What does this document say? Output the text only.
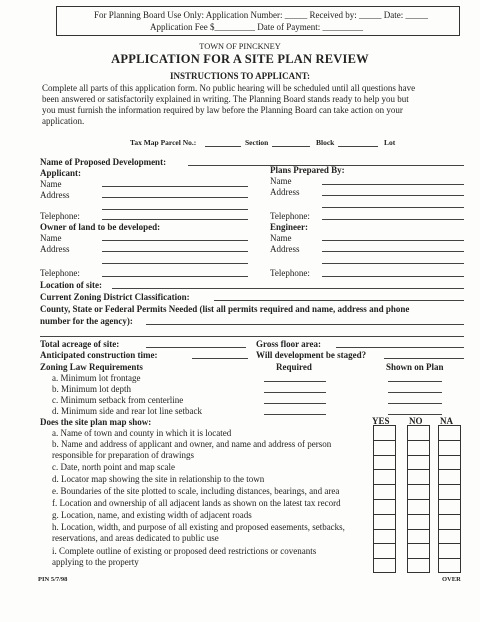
For Planning Board Use Only: Application Number: _____ Received by: _____ Date: _____
Application Fee $_________ Date of Payment: _________
TOWN OF PINCKNEY
APPLICATION FOR A SITE PLAN REVIEW
INSTRUCTIONS TO APPLICANT:
Complete all parts of this application form. No public hearing will be scheduled until all questions have
been answered or satisfactorily explained in writing. The Planning Board stands ready to help you but
you must furnish the information required by law before the Planning Board can take action on your
application.
Tax Map Parcel No.:	Section	Block	Lot
Name of Proposed Development:
Applicant:	Plans Prepared By:
Name	Name
Address	Address
Telephone:	Telephone:
Owner of land to be developed:	Engineer:
Name	Name
Address	Address
Telephone:	Telephone:
Location of site:
Current Zoning District Classification:
County, State or Federal Permits Needed (list all permits required and name, address and phone
number for the agency):
Total acreage of site:	Gross floor area:
Anticipated construction time:	Will development be staged?
Zoning Law Requirements	Required	Shown on Plan
a. Minimum lot frontage
b. Minimum lot depth
c. Minimum setback from centerline
d. Minimum side and rear lot line setback
Does the site plan map show:	YES NO NA
a. Name of town and county in which it is located
b. Name and address of applicant and owner, and name and address of person
responsible for preparation of drawings
c. Date, north point and map scale
d. Locator map showing the site in relationship to the town
e. Boundaries of the site plotted to scale, including distances, bearings, and area
f. Location and ownership of all adjacent lands as shown on the latest tax record
g. Location, name, and existing width of adjacent roads
h. Location, width, and purpose of all existing and proposed easements, setbacks,
reservations, and areas dedicated to public use
i. Complete outline of existing or proposed deed restrictions or covenants
applying to the property
PIN 5/7/98	OVER
